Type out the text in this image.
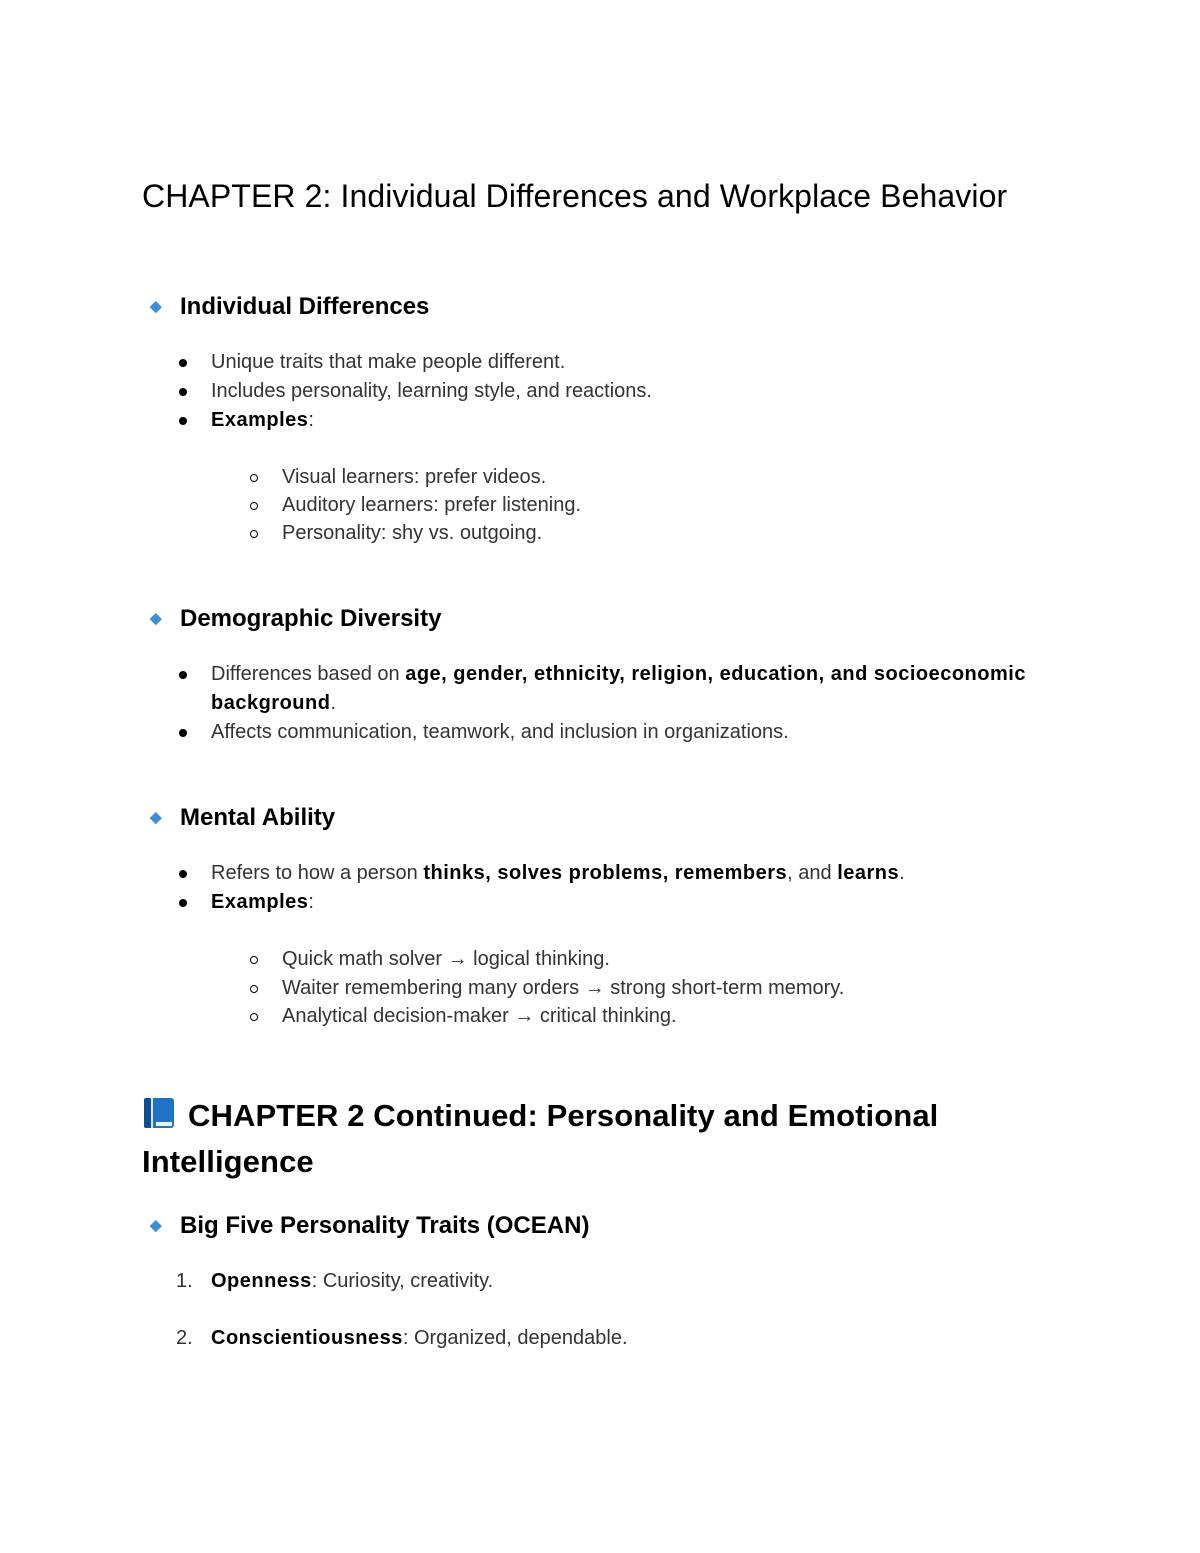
CHAPTER 2: Individual Differences and Workplace Behavior
◆ Individual Differences
Unique traits that make people different.
Includes personality, learning style, and reactions.
Examples:
Visual learners: prefer videos.
Auditory learners: prefer listening.
Personality: shy vs. outgoing.
◆ Demographic Diversity
Differences based on age, gender, ethnicity, religion, education, and socioeconomic
background.
Affects communication, teamwork, and inclusion in organizations.
◆ Mental Ability
Refers to how a person thinks, solves problems, remembers, and learns.
Examples:
Quick math solver → logical thinking.
Waiter remembering many orders → strong short-term memory.
Analytical decision-maker → critical thinking.
CHAPTER 2 Continued: Personality and Emotional Intelligence
◆ Big Five Personality Traits (OCEAN)
1. Openness: Curiosity, creativity.
2. Conscientiousness: Organized, dependable.
